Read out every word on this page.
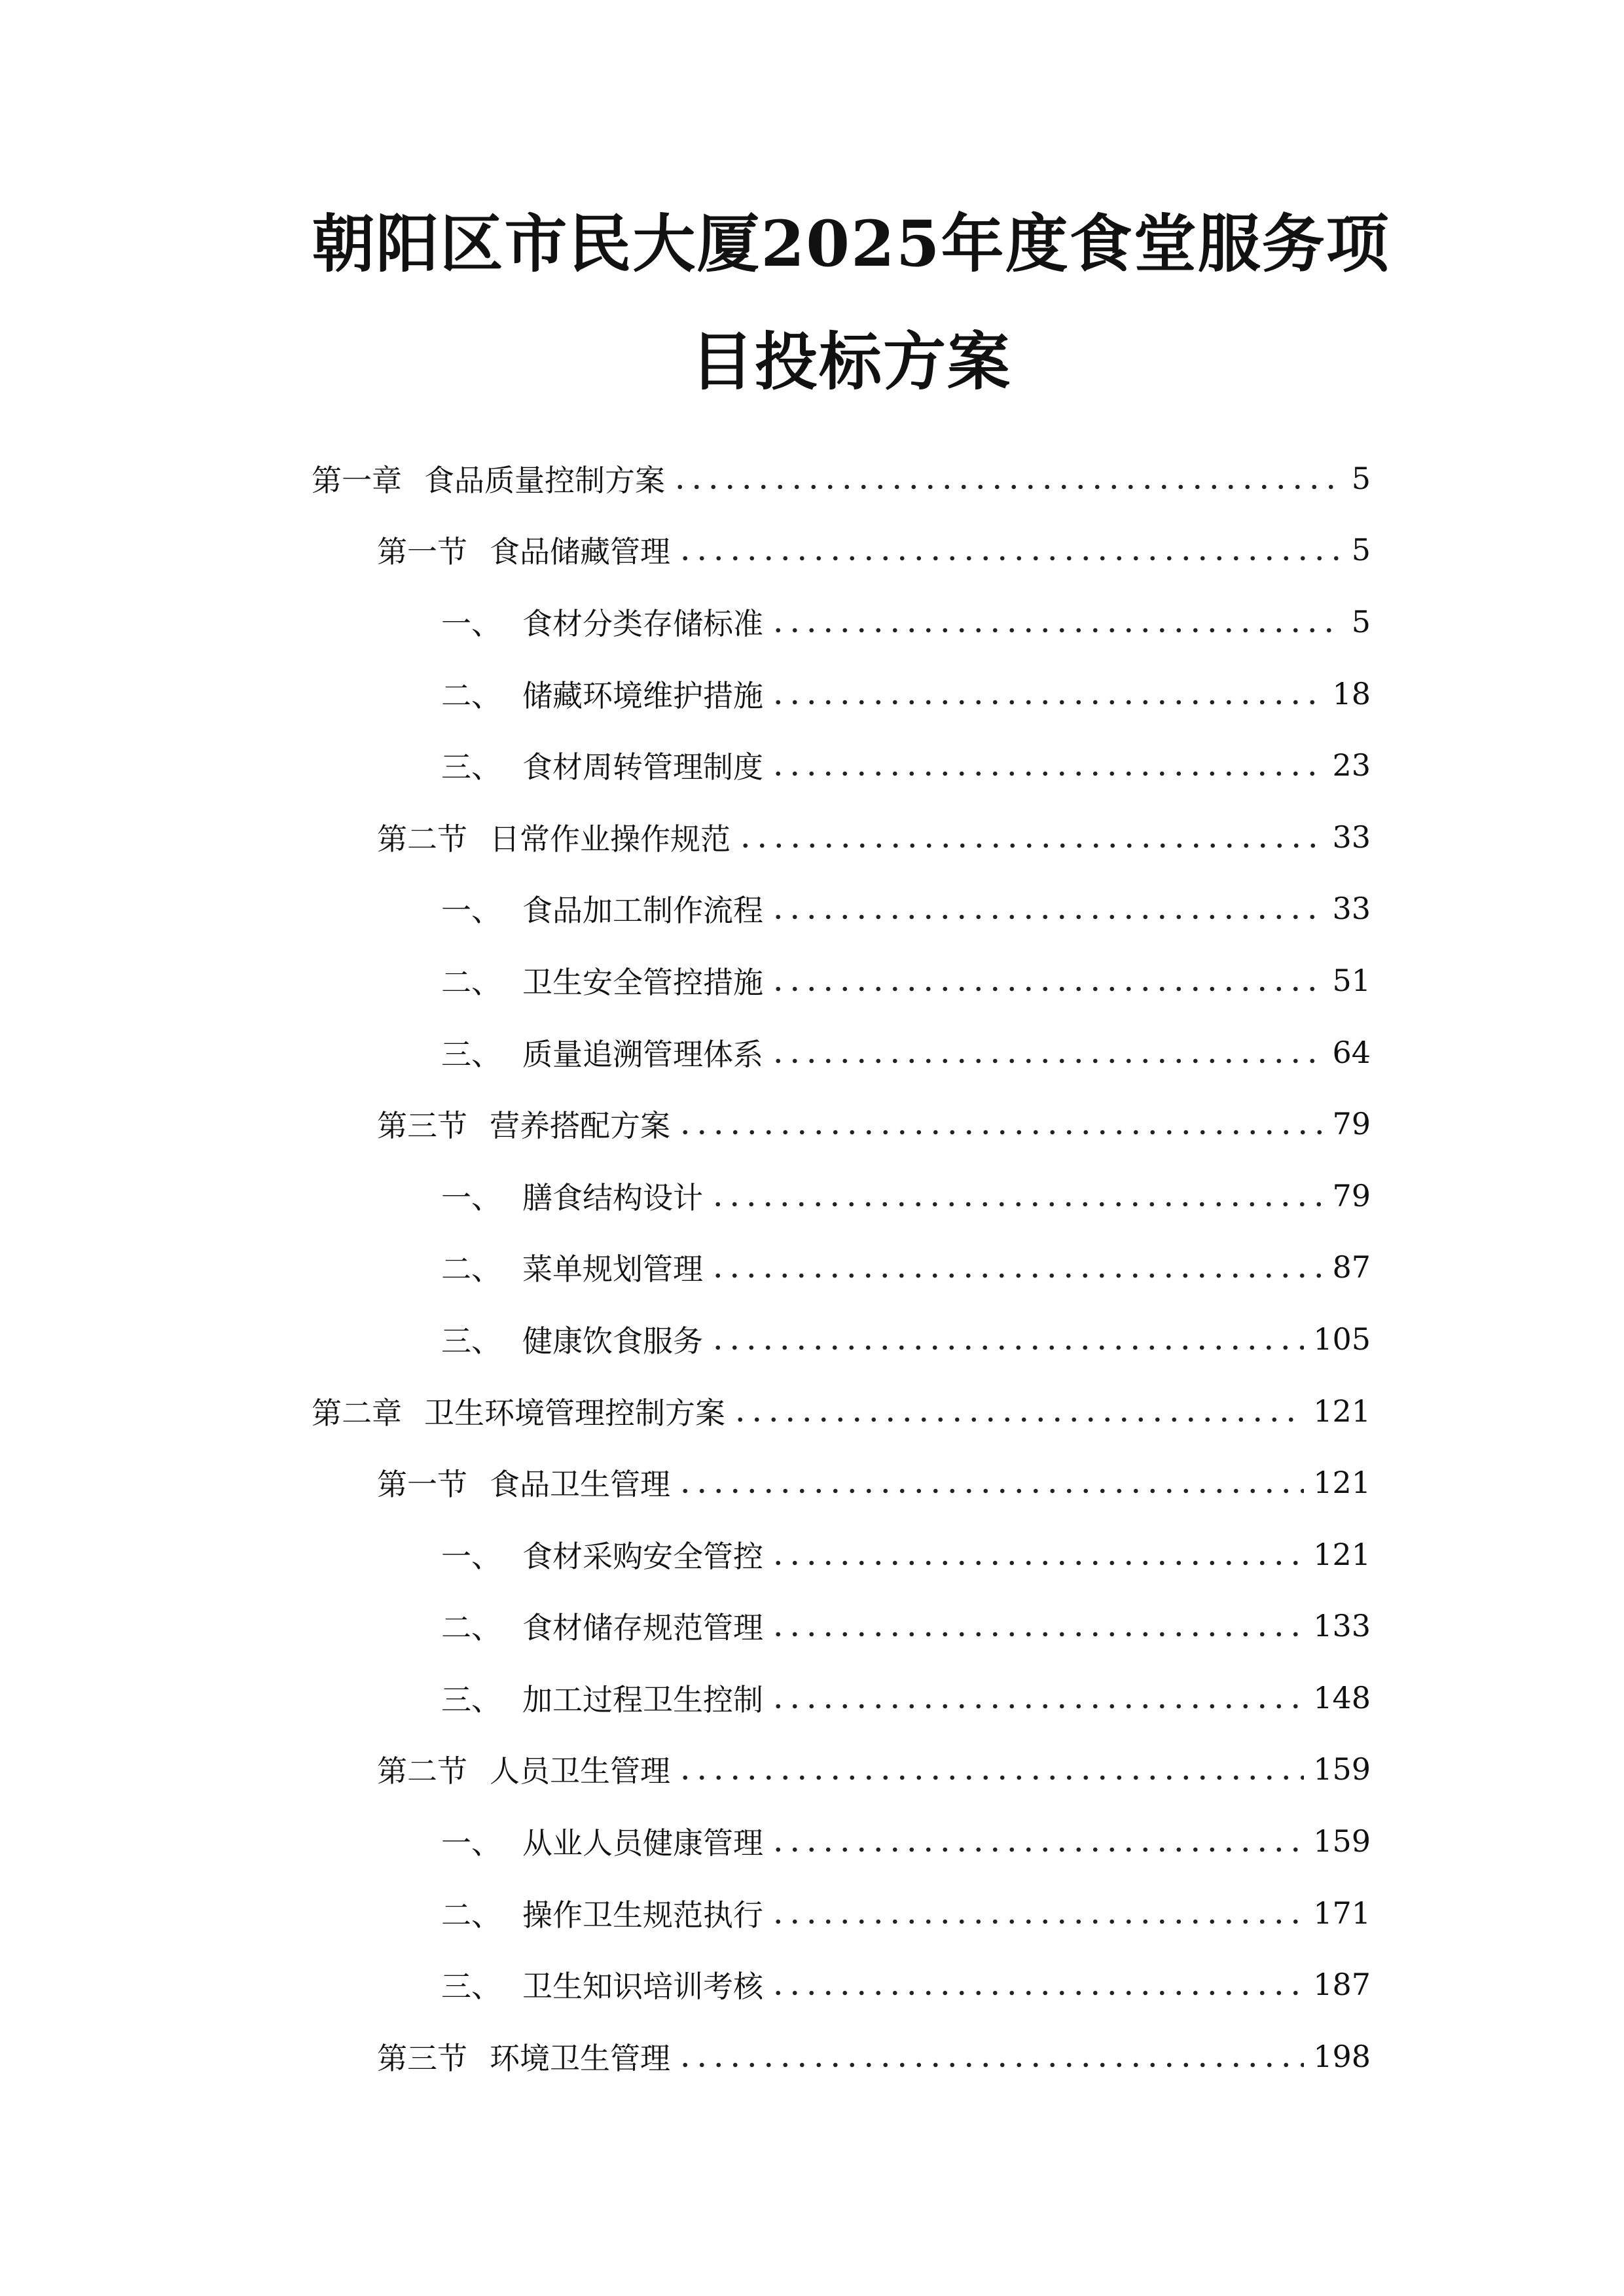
朝阳区市民大厦2025年度食堂服务项
目投标方案
第一章 食品质量控制方案	5
第一节 食品储藏管理	5
一、 食材分类存储标准	5
二、 储藏环境维护措施	18
三、 食材周转管理制度	23
第二节 日常作业操作规范	33
一、 食品加工制作流程	33
二、 卫生安全管控措施	51
三、 质量追溯管理体系	64
第三节 营养搭配方案	79
一、 膳食结构设计	79
二、 菜单规划管理	87
三、 健康饮食服务	105
第二章 卫生环境管理控制方案	121
第一节 食品卫生管理	121
一、 食材采购安全管控	121
二、 食材储存规范管理	133
三、 加工过程卫生控制	148
第二节 人员卫生管理	159
一、 从业人员健康管理	159
二、 操作卫生规范执行	171
三、 卫生知识培训考核	187
第三节 环境卫生管理	198
